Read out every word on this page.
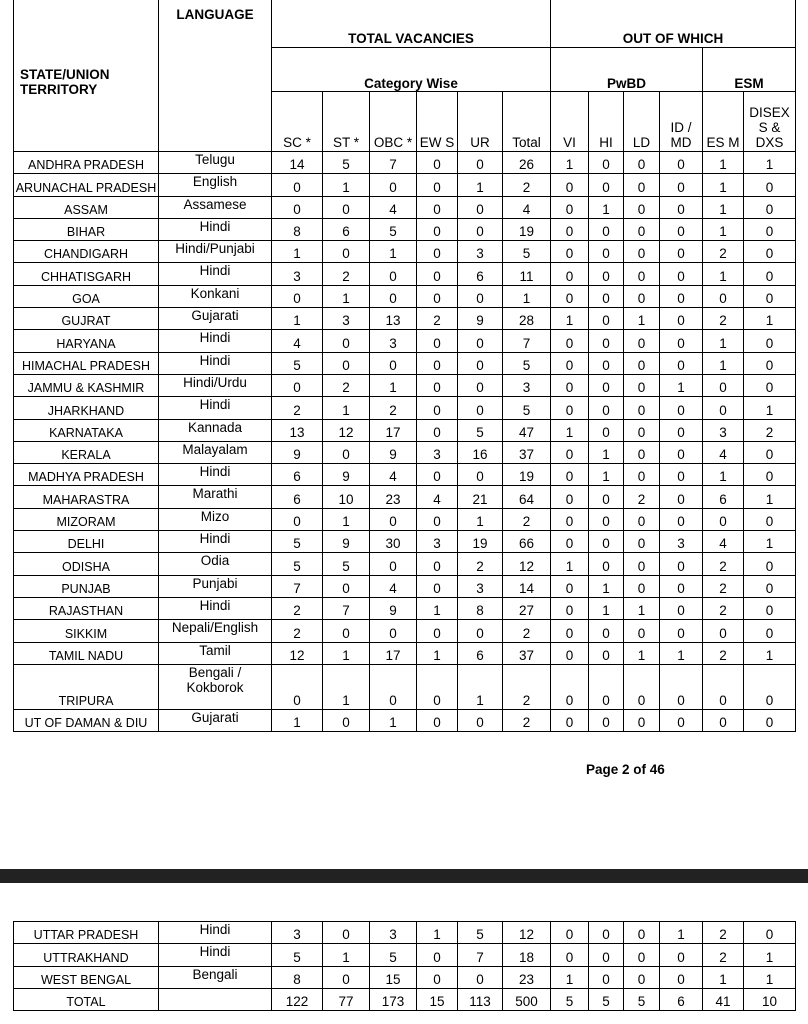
STATE/UNION TERRITORY	LANGUAGE	TOTAL VACANCIES						OUT OF WHICH					
		Category Wise						PwBD				ESM	
		SC *	ST *	OBC *	EW S	UR	Total	VI	HI	LD	ID / MD	ES M	DISEX S & DXS
ANDHRA PRADESH	Telugu	14	5	7	0	0	26	1	0	0	0	1	1
ARUNACHAL PRADESH	English	0	1	0	0	1	2	0	0	0	0	1	0
ASSAM	Assamese	0	0	4	0	0	4	0	1	0	0	1	0
BIHAR	Hindi	8	6	5	0	0	19	0	0	0	0	1	0
CHANDIGARH	Hindi/Punjabi	1	0	1	0	3	5	0	0	0	0	2	0
CHHATISGARH	Hindi	3	2	0	0	6	11	0	0	0	0	1	0
GOA	Konkani	0	1	0	0	0	1	0	0	0	0	0	0
GUJRAT	Gujarati	1	3	13	2	9	28	1	0	1	0	2	1
HARYANA	Hindi	4	0	3	0	0	7	0	0	0	0	1	0
HIMACHAL PRADESH	Hindi	5	0	0	0	0	5	0	0	0	0	1	0
JAMMU & KASHMIR	Hindi/Urdu	0	2	1	0	0	3	0	0	0	1	0	0
JHARKHAND	Hindi	2	1	2	0	0	5	0	0	0	0	0	1
KARNATAKA	Kannada	13	12	17	0	5	47	1	0	0	0	3	2
KERALA	Malayalam	9	0	9	3	16	37	0	1	0	0	4	0
MADHYA PRADESH	Hindi	6	9	4	0	0	19	0	1	0	0	1	0
MAHARASTRA	Marathi	6	10	23	4	21	64	0	0	2	0	6	1
MIZORAM	Mizo	0	1	0	0	1	2	0	0	0	0	0	0
DELHI	Hindi	5	9	30	3	19	66	0	0	0	3	4	1
ODISHA	Odia	5	5	0	0	2	12	1	0	0	0	2	0
PUNJAB	Punjabi	7	0	4	0	3	14	0	1	0	0	2	0
RAJASTHAN	Hindi	2	7	9	1	8	27	0	1	1	0	2	0
SIKKIM	Nepali/English	2	0	0	0	0	2	0	0	0	0	0	0
TAMIL NADU	Tamil	12	1	17	1	6	37	0	0	1	1	2	1
TRIPURA	Bengali / Kokborok	0	1	0	0	1	2	0	0	0	0	0	0
UT OF DAMAN & DIU	Gujarati	1	0	1	0	0	2	0	0	0	0	0	0
Page 2 of 46
UTTAR PRADESH	Hindi	3	0	3	1	5	12	0	0	0	1	2	0
UTTRAKHAND	Hindi	5	1	5	0	7	18	0	0	0	0	2	1
WEST BENGAL	Bengali	8	0	15	0	0	23	1	0	0	0	1	1
TOTAL		122	77	173	15	113	500	5	5	5	6	41	10
